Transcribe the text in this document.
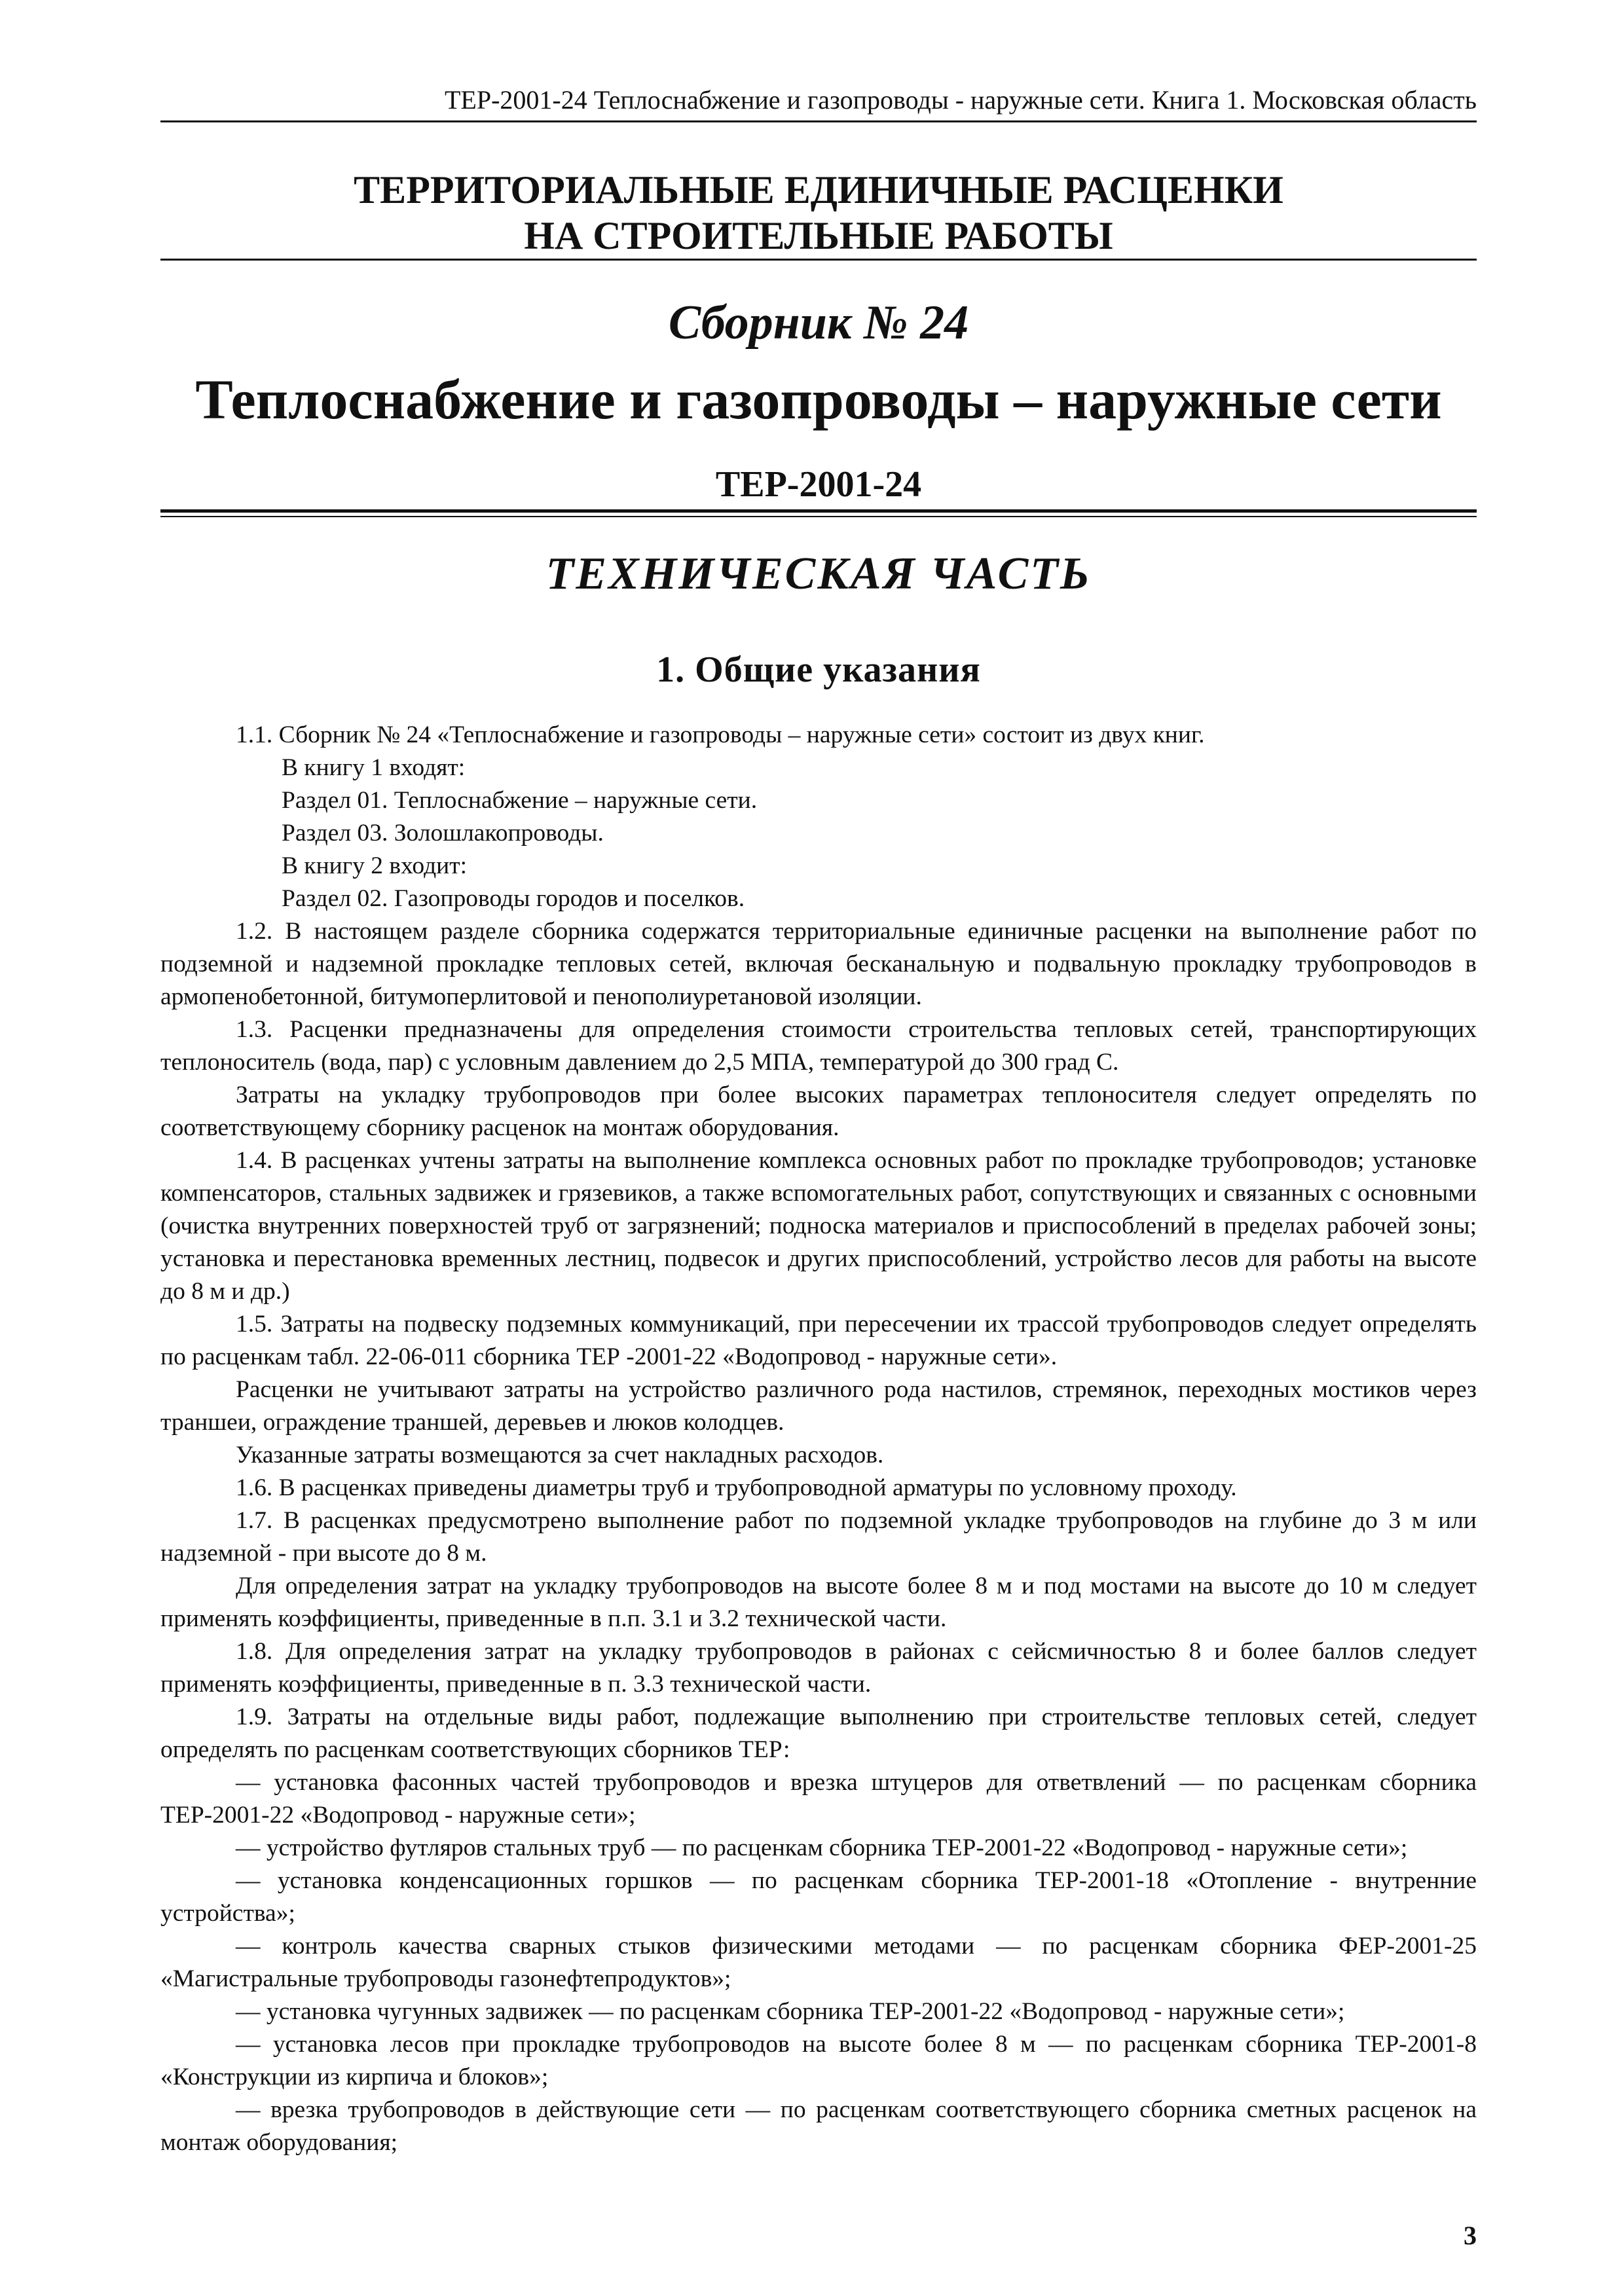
ТЕР-2001-24 Теплоснабжение и газопроводы - наружные сети. Книга 1. Московская область
ТЕРРИТОРИАЛЬНЫЕ ЕДИНИЧНЫЕ РАСЦЕНКИ
НА СТРОИТЕЛЬНЫЕ РАБОТЫ
Сборник № 24
Теплоснабжение и газопроводы – наружные сети
ТЕР-2001-24
ТЕХНИЧЕСКАЯ ЧАСТЬ
1. Общие указания

1.1. Сборник № 24 «Теплоснабжение и газопроводы – наружные сети» состоит из двух книг.

В книгу 1 входят:

Раздел 01. Теплоснабжение – наружные сети.

Раздел 03. Золошлакопроводы.

В книгу 2 входит:

Раздел 02. Газопроводы городов и поселков.

1.2. В настоящем разделе сборника содержатся территориальные единичные расценки на выполнение работ по подземной и надземной прокладке тепловых сетей, включая бесканальную и подвальную прокладку трубопроводов в армопенобетонной, битумоперлитовой и пенополиуретановой изоляции.

1.3. Расценки предназначены для определения стоимости строительства тепловых сетей, транспортирующих теплоноситель (вода, пар) с условным давлением до 2,5 МПА, температурой до 300 град С.

Затраты на укладку трубопроводов при более высоких параметрах теплоносителя следует определять по соответствующему сборнику расценок на монтаж оборудования.

1.4. В расценках учтены затраты на выполнение комплекса основных работ по прокладке трубопроводов; установке компенсаторов, стальных задвижек и грязевиков, а также вспомогательных работ, сопутствующих и связанных с основными (очистка внутренних поверхностей труб от загрязнений; подноска материалов и приспособлений в пределах рабочей зоны; установка и перестановка временных лестниц, подвесок и других приспособлений, устройство лесов для работы на высоте до 8 м и др.)

1.5. Затраты на подвеску подземных коммуникаций, при пересечении их трассой трубопроводов следует определять по расценкам табл. 22-06-011 сборника ТЕР -2001-22 «Водопровод - наружные сети».

Расценки не учитывают затраты на устройство различного рода настилов, стремянок, переходных мостиков через траншеи, ограждение траншей, деревьев и люков колодцев.

Указанные затраты возмещаются за счет накладных расходов.

1.6. В расценках приведены диаметры труб и трубопроводной арматуры по условному проходу.

1.7. В расценках предусмотрено выполнение работ по подземной укладке трубопроводов на глубине до 3 м или надземной - при высоте до 8 м.

Для определения затрат на укладку трубопроводов на высоте более 8 м и под мостами на высоте до 10 м следует применять коэффициенты, приведенные в п.п. 3.1 и 3.2 технической части.

1.8. Для определения затрат на укладку трубопроводов в районах с сейсмичностью 8 и более баллов следует применять коэффициенты, приведенные в п. 3.3 технической части.

1.9. Затраты на отдельные виды работ, подлежащие выполнению при строительстве тепловых сетей, следует определять по расценкам соответствующих сборников ТЕР:

— установка фасонных частей трубопроводов и врезка штуцеров для ответвлений — по расценкам сборника ТЕР-2001-22 «Водопровод - наружные сети»;

— устройство футляров стальных труб — по расценкам сборника ТЕР-2001-22 «Водопровод - наружные сети»;

— установка конденсационных горшков — по расценкам сборника ТЕР-2001-18 «Отопление - внутренние устройства»;

— контроль качества сварных стыков физическими методами — по расценкам сборника ФЕР-2001-25 «Магистральные трубопроводы газонефтепродуктов»;

— установка чугунных задвижек — по расценкам сборника ТЕР-2001-22 «Водопровод - наружные сети»;

— установка лесов при прокладке трубопроводов на высоте более 8 м — по расценкам сборника ТЕР-2001-8 «Конструкции из кирпича и блоков»;

— врезка трубопроводов в действующие сети — по расценкам соответствующего сборника сметных расценок на монтаж оборудования;

3
